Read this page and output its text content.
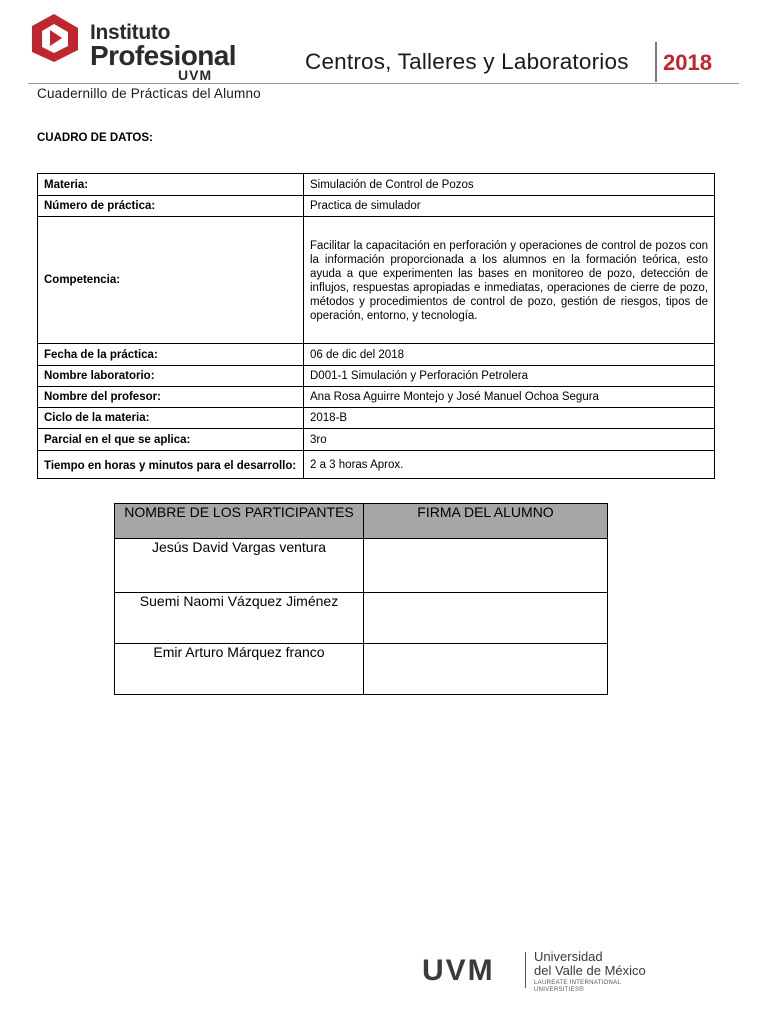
Instituto
Profesional
UVM
Centros, Talleres y Laboratorios 2018
Cuadernillo de Prácticas del Alumno
CUADRO DE DATOS:
Materia:	Simulación de Control de Pozos
Número de práctica:	Practica de simulador
Competencia:	Facilitar la capacitación en perforación y operaciones de control de pozos con la información proporcionada a los alumnos en la formación teórica, esto ayuda a que experimenten las bases en monitoreo de pozo, detección de influjos, respuestas apropiadas e inmediatas, operaciones de cierre de pozo, métodos y procedimientos de control de pozo, gestión de riesgos, tipos de operación, entorno, y tecnología.
Fecha de la práctica:	06 de dic del 2018
Nombre laboratorio:	D001-1 Simulación y Perforación Petrolera
Nombre del profesor:	Ana Rosa Aguirre Montejo y José Manuel Ochoa Segura
Ciclo de la materia:	2018-B
Parcial en el que se aplica:	3ro
Tiempo en horas y minutos para el desarrollo:	2 a 3 horas Aprox.
NOMBRE DE LOS PARTICIPANTES	FIRMA DEL ALUMNO
Jesús David Vargas ventura	
Suemi Naomi Vázquez Jiménez	
Emir Arturo Márquez franco	
UVM	Universidad
del Valle de México
LAUREATE INTERNATIONAL UNIVERSITIES®
